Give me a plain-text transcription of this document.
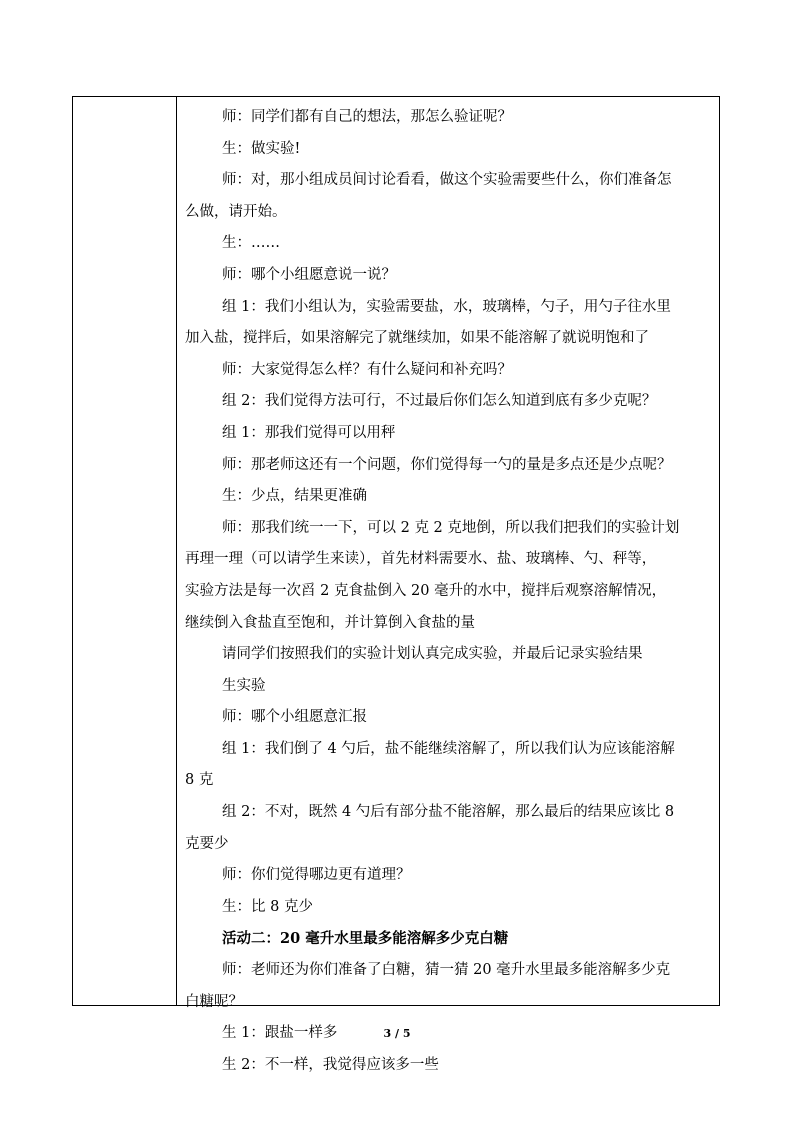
师：同学们都有自己的想法，那怎么验证呢？
生：做实验!
师：对，那小组成员间讨论看看，做这个实验需要些什么，你们准备怎
么做，请开始。
生：……
师：哪个小组愿意说一说？
组 1：我们小组认为，实验需要盐，水，玻璃棒，勺子，用勺子往水里
加入盐，搅拌后，如果溶解完了就继续加，如果不能溶解了就说明饱和了
师：大家觉得怎么样？有什么疑问和补充吗？
组 2：我们觉得方法可行，不过最后你们怎么知道到底有多少克呢？
组 1：那我们觉得可以用秤
师：那老师这还有一个问题，你们觉得每一勺的量是多点还是少点呢？
生：少点，结果更准确
师：那我们统一一下，可以 2 克 2 克地倒，所以我们把我们的实验计划
再理一理（可以请学生来读），首先材料需要水、盐、玻璃棒、勺、秤等，
实验方法是每一次舀 2 克食盐倒入 20 毫升的水中，搅拌后观察溶解情况，
继续倒入食盐直至饱和，并计算倒入食盐的量
请同学们按照我们的实验计划认真完成实验，并最后记录实验结果
生实验
师：哪个小组愿意汇报
组 1：我们倒了 4 勺后，盐不能继续溶解了，所以我们认为应该能溶解
8 克
组 2：不对，既然 4 勺后有部分盐不能溶解，那么最后的结果应该比 8
克要少
师：你们觉得哪边更有道理？
生：比 8 克少
活动二：20 毫升水里最多能溶解多少克白糖
师：老师还为你们准备了白糖，猜一猜 20 毫升水里最多能溶解多少克
白糖呢？
生 1：跟盐一样多
生 2：不一样，我觉得应该多一些
3 / 5
